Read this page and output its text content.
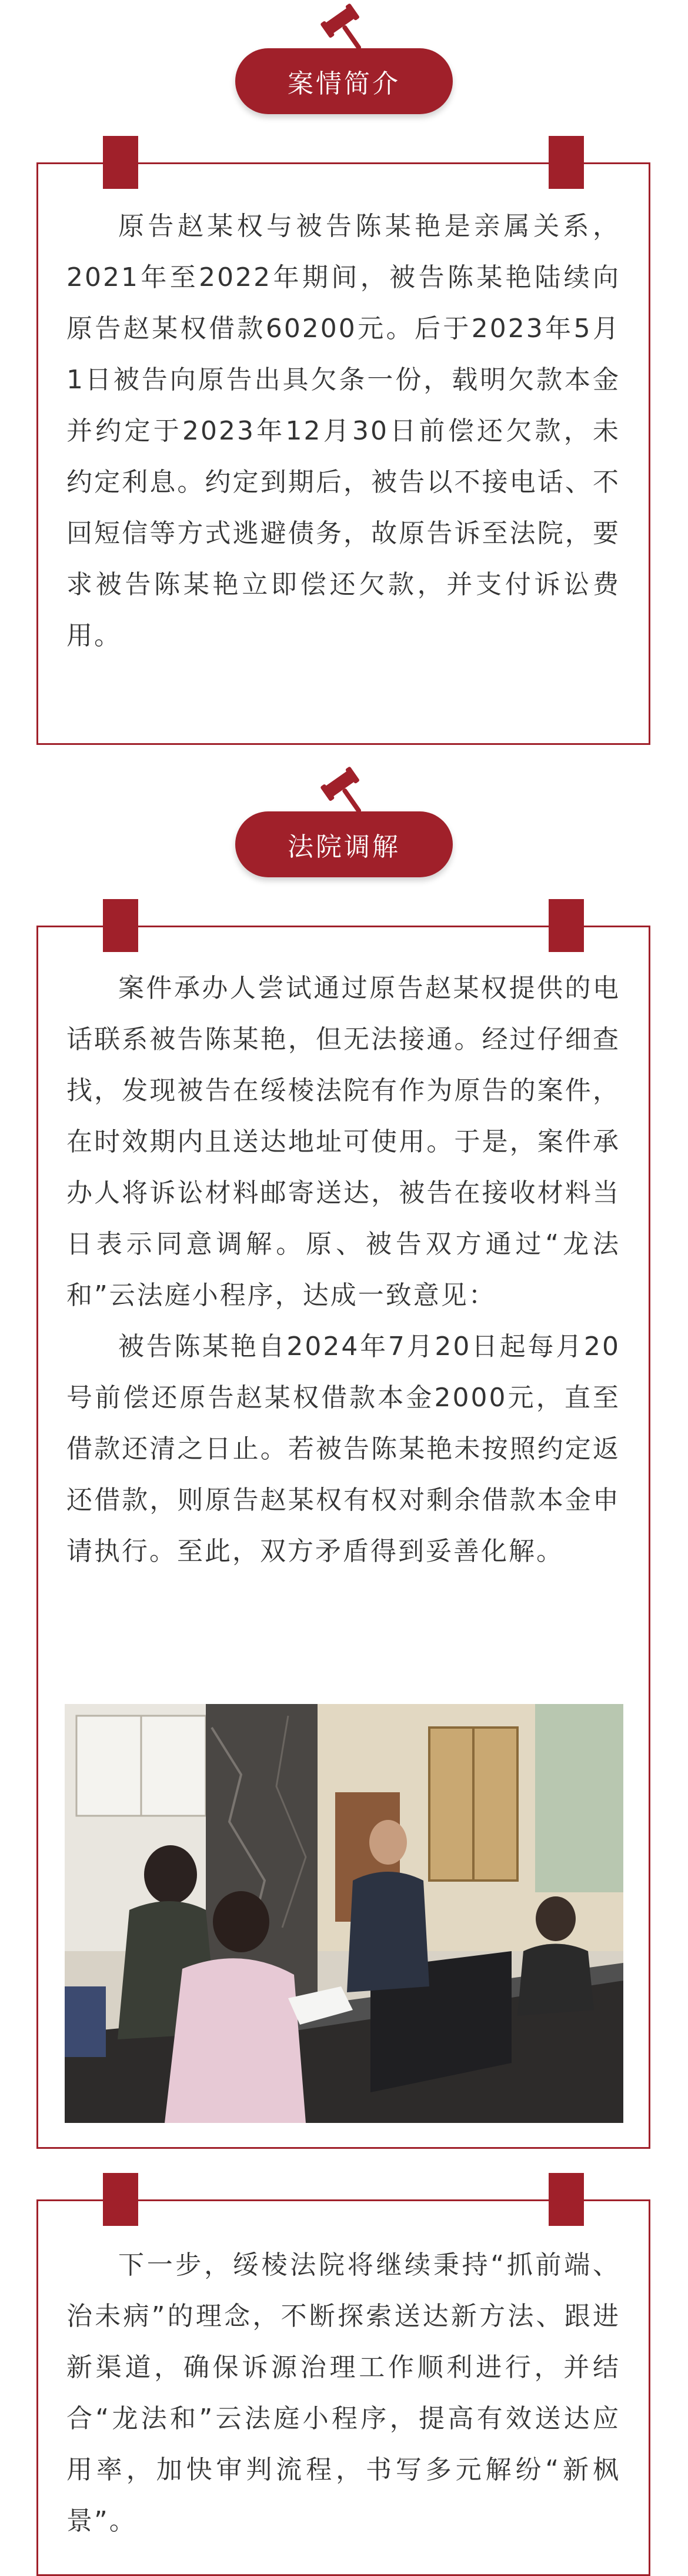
案情简介

原告赵某权与被告陈某艳是亲属关系，2021年至2022年期间，被告陈某艳陆续向原告赵某权借款60200元。后于2023年5月1日被告向原告出具欠条一份，载明欠款本金并约定于2023年12月30日前偿还欠款，未约定利息。约定到期后，被告以不接电话、不回短信等方式逃避债务，故原告诉至法院，要求被告陈某艳立即偿还欠款，并支付诉讼费用。

法院调解

案件承办人尝试通过原告赵某权提供的电话联系被告陈某艳，但无法接通。经过仔细查找，发现被告在绥棱法院有作为原告的案件，在时效期内且送达地址可使用。于是，案件承办人将诉讼材料邮寄送达，被告在接收材料当日表示同意调解。原、被告双方通过“龙法和”云法庭小程序，达成一致意见：

被告陈某艳自2024年7月20日起每月20号前偿还原告赵某权借款本金2000元，直至借款还清之日止。若被告陈某艳未按照约定返还借款，则原告赵某权有权对剩余借款本金申请执行。至此，双方矛盾得到妥善化解。

下一步，绥棱法院将继续秉持“抓前端、治未病”的理念，不断探索送达新方法、跟进新渠道，确保诉源治理工作顺利进行，并结合“龙法和”云法庭小程序，提高有效送达应用率，加快审判流程，书写多元解纷“新枫景”。
